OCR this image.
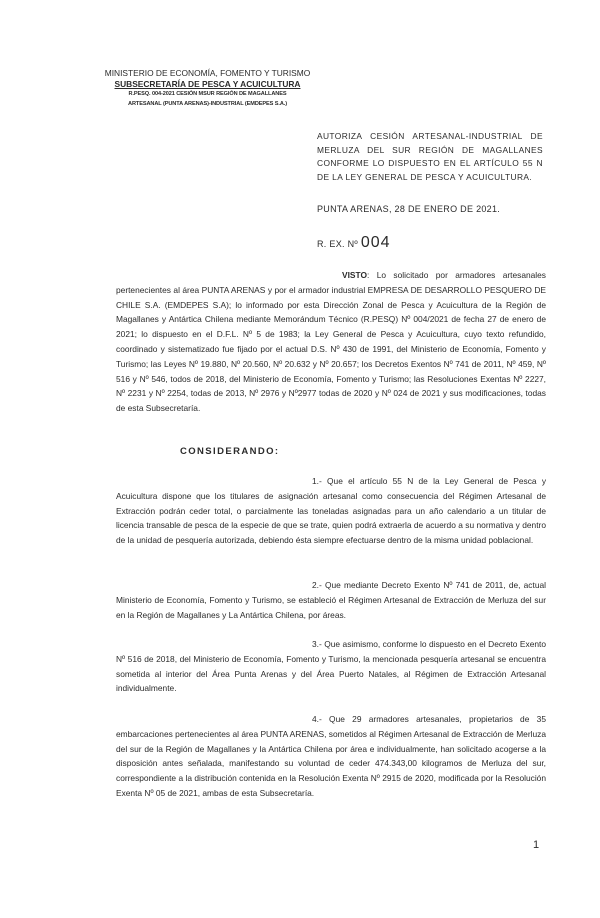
MINISTERIO DE ECONOMÍA, FOMENTO Y TURISMO
SUBSECRETARÍA DE PESCA Y ACUICULTURA
R.PESQ. 004-2021 CESIÓN MSUR REGIÓN DE MAGALLANES
ARTESANAL (PUNTA ARENAS)-INDUSTRIAL (EMDEPES S.A.)
AUTORIZA CESIÓN ARTESANAL-INDUSTRIAL DE MERLUZA DEL SUR REGIÓN DE MAGALLANES CONFORME LO DISPUESTO EN EL ARTÍCULO 55 N DE LA LEY GENERAL DE PESCA Y ACUICULTURA.
PUNTA ARENAS, 28 DE ENERO DE 2021.
R. EX. Nº 004
VISTO: Lo solicitado por armadores artesanales pertenecientes al área PUNTA ARENAS y por el armador industrial EMPRESA DE DESARROLLO PESQUERO DE CHILE S.A. (EMDEPES S.A); lo informado por esta Dirección Zonal de Pesca y Acuicultura de la Región de Magallanes y Antártica Chilena mediante Memorándum Técnico (R.PESQ) Nº 004/2021 de fecha 27 de enero de 2021; lo dispuesto en el D.F.L. Nº 5 de 1983; la Ley General de Pesca y Acuicultura, cuyo texto refundido, coordinado y sistematizado fue fijado por el actual D.S. Nº 430 de 1991, del Ministerio de Economía, Fomento y Turismo; las Leyes Nº 19.880, Nº 20.560, Nº 20.632 y Nº 20.657; los Decretos Exentos Nº 741 de 2011, Nº 459, Nº 516 y Nº 546, todos de 2018, del Ministerio de Economía, Fomento y Turismo; las Resoluciones Exentas Nº 2227, Nº 2231 y Nº 2254, todas de 2013, Nº 2976 y Nº2977 todas de 2020 y Nº 024 de 2021 y sus modificaciones, todas de esta Subsecretaría.
CONSIDERANDO:
1.- Que el artículo 55 N de la Ley General de Pesca y Acuicultura dispone que los titulares de asignación artesanal como consecuencia del Régimen Artesanal de Extracción podrán ceder total, o parcialmente las toneladas asignadas para un año calendario a un titular de licencia transable de pesca de la especie de que se trate, quien podrá extraerla de acuerdo a su normativa y dentro de la unidad de pesquería autorizada, debiendo ésta siempre efectuarse dentro de la misma unidad poblacional.
2.- Que mediante Decreto Exento Nº 741 de 2011, de, actual Ministerio de Economía, Fomento y Turismo, se estableció el Régimen Artesanal de Extracción de Merluza del sur en la Región de Magallanes y La Antártica Chilena, por áreas.
3.- Que asimismo, conforme lo dispuesto en el Decreto Exento Nº 516 de 2018, del Ministerio de Economía, Fomento y Turismo, la mencionada pesquería artesanal se encuentra sometida al interior del Área Punta Arenas y del Área Puerto Natales, al Régimen de Extracción Artesanal individualmente.
4.- Que 29 armadores artesanales, propietarios de 35 embarcaciones pertenecientes al área PUNTA ARENAS, sometidos al Régimen Artesanal de Extracción de Merluza del sur de la Región de Magallanes y la Antártica Chilena por área e individualmente, han solicitado acogerse a la disposición antes señalada, manifestando su voluntad de ceder 474.343,00 kilogramos de Merluza del sur, correspondiente a la distribución contenida en la Resolución Exenta Nº 2915 de 2020, modificada por la Resolución Exenta Nº 05 de 2021, ambas de esta Subsecretaría.
1
